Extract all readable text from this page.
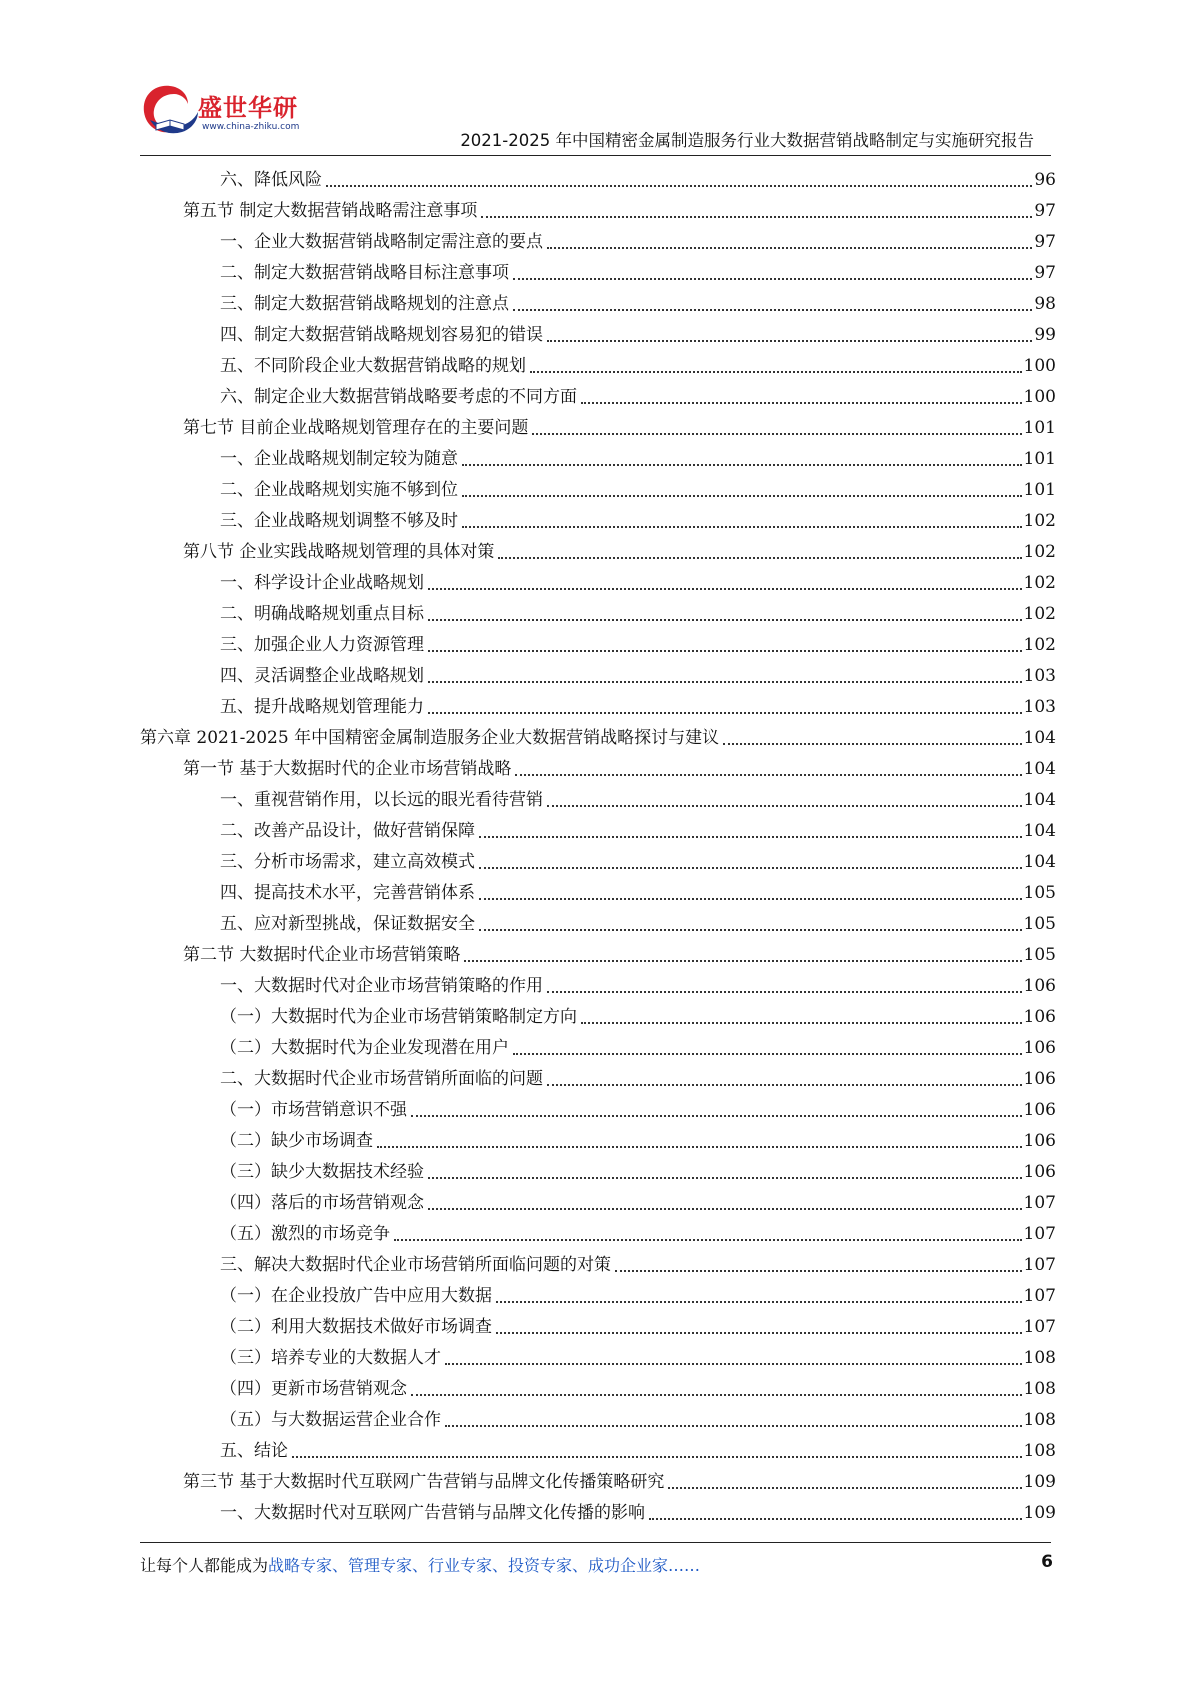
盛世华研
www.china-zhiku.com
2021-2025 年中国精密金属制造服务行业大数据营销战略制定与实施研究报告
六、降低风险	96
第五节 制定大数据营销战略需注意事项	97
一、企业大数据营销战略制定需注意的要点	97
二、制定大数据营销战略目标注意事项	97
三、制定大数据营销战略规划的注意点	98
四、制定大数据营销战略规划容易犯的错误	99
五、不同阶段企业大数据营销战略的规划	100
六、制定企业大数据营销战略要考虑的不同方面	100
第七节 目前企业战略规划管理存在的主要问题	101
一、企业战略规划制定较为随意	101
二、企业战略规划实施不够到位	101
三、企业战略规划调整不够及时	102
第八节 企业实践战略规划管理的具体对策	102
一、科学设计企业战略规划	102
二、明确战略规划重点目标	102
三、加强企业人力资源管理	102
四、灵活调整企业战略规划	103
五、提升战略规划管理能力	103
第六章 2021-2025 年中国精密金属制造服务企业大数据营销战略探讨与建议	104
第一节 基于大数据时代的企业市场营销战略	104
一、重视营销作用，以长远的眼光看待营销	104
二、改善产品设计，做好营销保障	104
三、分析市场需求，建立高效模式	104
四、提高技术水平，完善营销体系	105
五、应对新型挑战，保证数据安全	105
第二节 大数据时代企业市场营销策略	105
一、大数据时代对企业市场营销策略的作用	106
（一）大数据时代为企业市场营销策略制定方向	106
（二）大数据时代为企业发现潜在用户	106
二、大数据时代企业市场营销所面临的问题	106
（一）市场营销意识不强	106
（二）缺少市场调查	106
（三）缺少大数据技术经验	106
（四）落后的市场营销观念	107
（五）激烈的市场竞争	107
三、解决大数据时代企业市场营销所面临问题的对策	107
（一）在企业投放广告中应用大数据	107
（二）利用大数据技术做好市场调查	107
（三）培养专业的大数据人才	108
（四）更新市场营销观念	108
（五）与大数据运营企业合作	108
五、结论	108
第三节 基于大数据时代互联网广告营销与品牌文化传播策略研究	109
一、大数据时代对互联网广告营销与品牌文化传播的影响	109
让每个人都能成为战略专家、管理专家、行业专家、投资专家、成功企业家……	6
